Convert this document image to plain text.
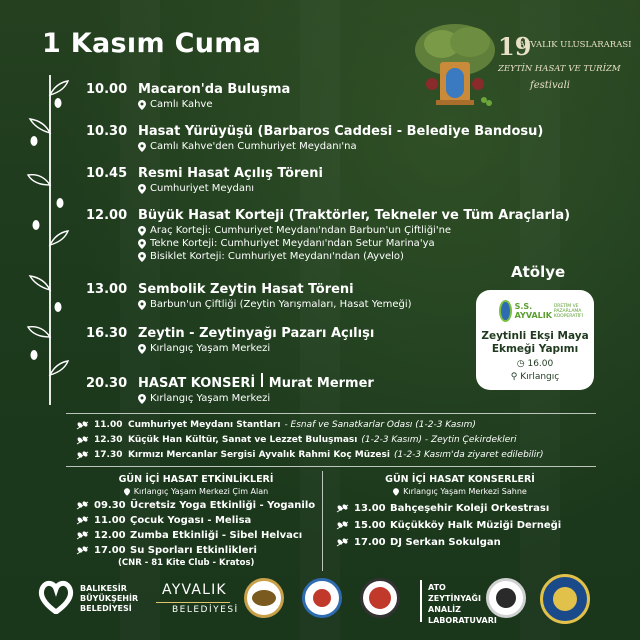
1 Kasım Cuma	19
AYVALIK ULUSLARARASI
ZEYTİN HASAT VE TURİZM
festivali
10.00 Macaron'da Buluşma
Camlı Kahve
10.30 Hasat Yürüyüşü (Barbaros Caddesi - Belediye Bandosu)
Camlı Kahve'den Cumhuriyet Meydanı'na
10.45 Resmi Hasat Açılış Töreni
Cumhuriyet Meydanı
12.00 Büyük Hasat Korteji (Traktörler, Tekneler ve Tüm Araçlarla)
Araç Korteji: Cumhuriyet Meydanı'ndan Barbun'un Çiftliği'ne
Tekne Korteji: Cumhuriyet Meydanı'ndan Setur Marina'ya
Bisiklet Korteji: Cumhuriyet Meydanı'ndan (Ayvelo)
13.00 Sembolik Zeytin Hasat Töreni
Barbun'un Çiftliği (Zeytin Yarışmaları, Hasat Yemeği)
16.30 Zeytin - Zeytinyağı Pazarı Açılışı
Kırlangıç Yaşam Merkezi
20.30 HASAT KONSERİ Murat Mermer
Kırlangıç Yaşam Merkezi
Atölye
S.S. AYVALIK
ÜRETİM VE PAZARLAMA KOOPERATİFİ
Zeytinli Ekşi Maya
Ekmeği Yapımı
◷ 16.00
⚲ Kırlangıç
11.00 Cumhuriyet Meydanı Stantları - Esnaf ve Sanatkarlar Odası (1-2-3 Kasım)
12.30 Küçük Han Kültür, Sanat ve Lezzet Buluşması (1-2-3 Kasım) - Zeytin Çekirdekleri
17.30 Kırmızı Mercanlar Sergisi Ayvalık Rahmi Koç Müzesi (1-2-3 Kasım'da ziyaret edilebilir)
GÜN İÇİ HASAT ETKİNLİKLERİ
Kırlangıç Yaşam Merkezi Çim Alan
09.30 Ücretsiz Yoga Etkinliği - Yoganilo
11.00 Çocuk Yogası - Melisa
12.00 Zumba Etkinliği - Sibel Helvacı
17.00 Su Sporları Etkinlikleri
(CNR - 81 Kite Club - Kratos)
GÜN İÇİ HASAT KONSERLERİ
Kırlangıç Yaşam Merkezi Sahne
13.00 Bahçeşehir Koleji Orkestrası
15.00 Küçükköy Halk Müziği Derneği
17.00 DJ Serkan Sokulgan
BALIKESİR
BÜYÜKŞEHİR
BELEDİYESİ
AYVALIK
BELEDİYESİ
ATO
ZEYTİNYAĞI
ANALİZ
LABORATUVARI
